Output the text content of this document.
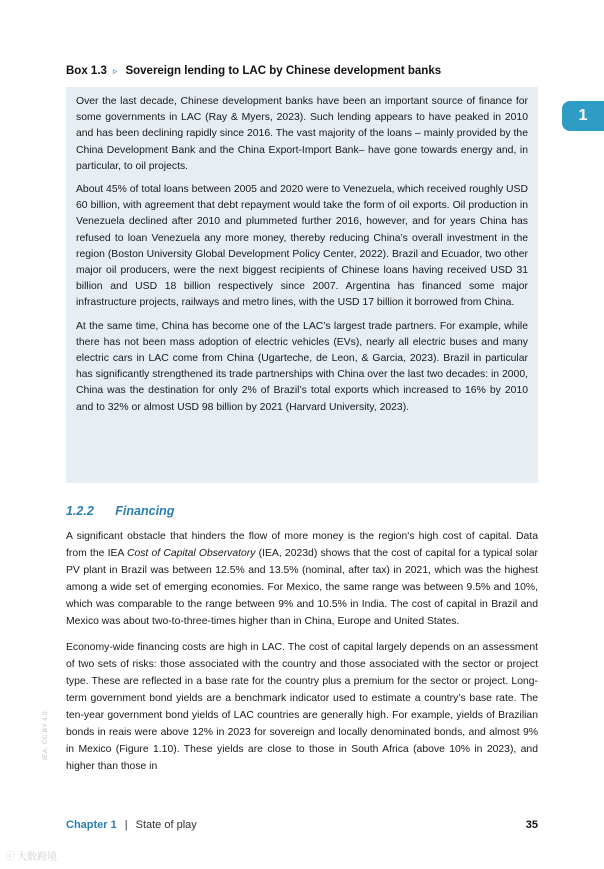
Box 1.3 ▹ Sovereign lending to LAC by Chinese development banks

Over the last decade, Chinese development banks have been an important source of finance for some governments in LAC (Ray & Myers, 2023). Such lending appears to have peaked in 2010 and has been declining rapidly since 2016. The vast majority of the loans – mainly provided by the China Development Bank and the China Export-Import Bank– have gone towards energy and, in particular, to oil projects.

About 45% of total loans between 2005 and 2020 were to Venezuela, which received roughly USD 60 billion, with agreement that debt repayment would take the form of oil exports. Oil production in Venezuela declined after 2010 and plummeted further 2016, however, and for years China has refused to loan Venezuela any more money, thereby reducing China’s overall investment in the region (Boston University Global Development Policy Center, 2022). Brazil and Ecuador, two other major oil producers, were the next biggest recipients of Chinese loans having received USD 31 billion and USD 18 billion respectively since 2007. Argentina has financed some major infrastructure projects, railways and metro lines, with the USD 17 billion it borrowed from China.

At the same time, China has become one of the LAC’s largest trade partners. For example, while there has not been mass adoption of electric vehicles (EVs), nearly all electric buses and many electric cars in LAC come from China (Ugarteche, de Leon, & Garcia, 2023). Brazil in particular has significantly strengthened its trade partnerships with China over the last two decades: in 2000, China was the destination for only 2% of Brazil’s total exports which increased to 16% by 2010 and to 32% or almost USD 98 billion by 2021 (Harvard University, 2023).

1
1.2.2 Financing

A significant obstacle that hinders the flow of more money is the region's high cost of capital. Data from the IEA Cost of Capital Observatory (IEA, 2023d) shows that the cost of capital for a typical solar PV plant in Brazil was between 12.5% and 13.5% (nominal, after tax) in 2021, which was the highest among a wide set of emerging economies. For Mexico, the same range was between 9.5% and 10%, which was comparable to the range between 9% and 10.5% in India. The cost of capital in Brazil and Mexico was about two-to-three-times higher than in China, Europe and United States.

Economy-wide financing costs are high in LAC. The cost of capital largely depends on an assessment of two sets of risks: those associated with the country and those associated with the sector or project type. These are reflected in a base rate for the country plus a premium for the sector or project. Long-term government bond yields are a benchmark indicator used to estimate a country’s base rate. The ten-year government bond yields of LAC countries are generally high. For example, yields of Brazilian bonds in reais were above 12% in 2023 for sovereign and locally denominated bonds, and almost 9% in Mexico (Figure 1.10). These yields are close to those in South Africa (above 10% in 2023), and higher than those in

IEA. CC BY 4.0.
Chapter 1 | State of play	35
ⓒ 大数跨境
